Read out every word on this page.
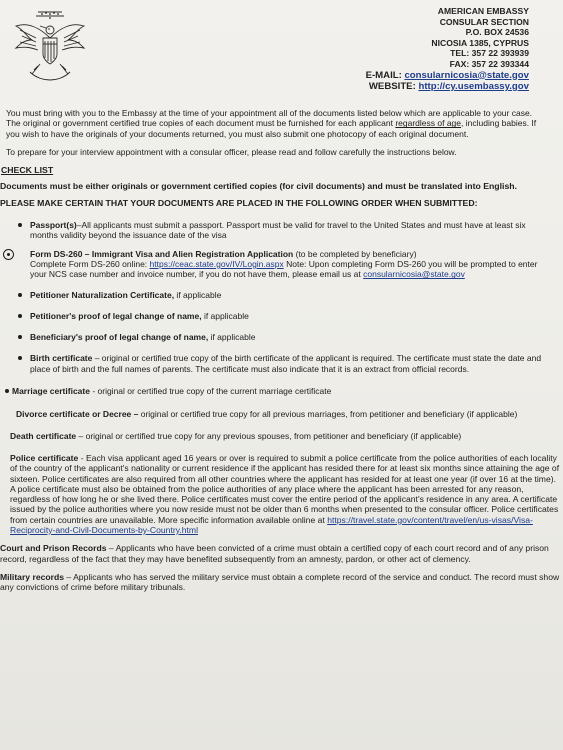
AMERICAN EMBASSY
CONSULAR SECTION
P.O. BOX 24536
NICOSIA 1385, CYPRUS
TEL: 357 22 393939
FAX: 357 22 393344
E-MAIL: consularnicosia@state.gov
WEBSITE: http://cy.usembassy.gov
You must bring with you to the Embassy at the time of your appointment all of the documents listed below which are applicable to your case. The original or government certified true copies of each document must be furnished for each applicant regardless of age, including babies. If you wish to have the originals of your documents returned, you must also submit one photocopy of each original document.
To prepare for your interview appointment with a consular officer, please read and follow carefully the instructions below.
CHECK LIST
Documents must be either originals or government certified copies (for civil documents) and must be translated into English.
PLEASE MAKE CERTAIN THAT YOUR DOCUMENTS ARE PLACED IN THE FOLLOWING ORDER WHEN SUBMITTED:
Passport(s)–All applicants must submit a passport. Passport must be valid for travel to the United States and must have at least six months validity beyond the issuance date of the visa
Form DS-260 – Immigrant Visa and Alien Registration Application (to be completed by beneficiary)
Complete Form DS-260 online: https://ceac.state.gov/IV/Login.aspx Note: Upon completing Form DS-260 you will be prompted to enter your NCS case number and invoice number, if you do not have them, please email us at consularnicosia@state.gov
Petitioner Naturalization Certificate, if applicable
Petitioner's proof of legal change of name, if applicable
Beneficiary's proof of legal change of name, if applicable
Birth certificate – original or certified true copy of the birth certificate of the applicant is required. The certificate must state the date and place of birth and the full names of parents. The certificate must also indicate that it is an extract from official records.
Marriage certificate - original or certified true copy of the current marriage certificate
Divorce certificate or Decree – original or certified true copy for all previous marriages, from petitioner and beneficiary (if applicable)
Death certificate – original or certified true copy for any previous spouses, from petitioner and beneficiary (if applicable)
Police certificate - Each visa applicant aged 16 years or over is required to submit a police certificate from the police authorities of each locality of the country of the applicant's nationality or current residence if the applicant has resided there for at least six months since attaining the age of sixteen. Police certificates are also required from all other countries where the applicant has resided for at least one year (if over 16 at the time). A police certificate must also be obtained from the police authorities of any place where the applicant has been arrested for any reason, regardless of how long he or she lived there. Police certificates must cover the entire period of the applicant's residence in any area. A certificate issued by the police authorities where you now reside must not be older than 6 months when presented to the consular officer. Police certificates from certain countries are unavailable. More specific information available online at https://travel.state.gov/content/travel/en/us-visas/Visa-Reciprocity-and-Civil-Documents-by-Country.html
Court and Prison Records – Applicants who have been convicted of a crime must obtain a certified copy of each court record and of any prison record, regardless of the fact that they may have benefited subsequently from an amnesty, pardon, or other act of clemency.
Military records – Applicants who has served the military service must obtain a complete record of the service and conduct. The record must show any convictions of crime before military tribunals.
